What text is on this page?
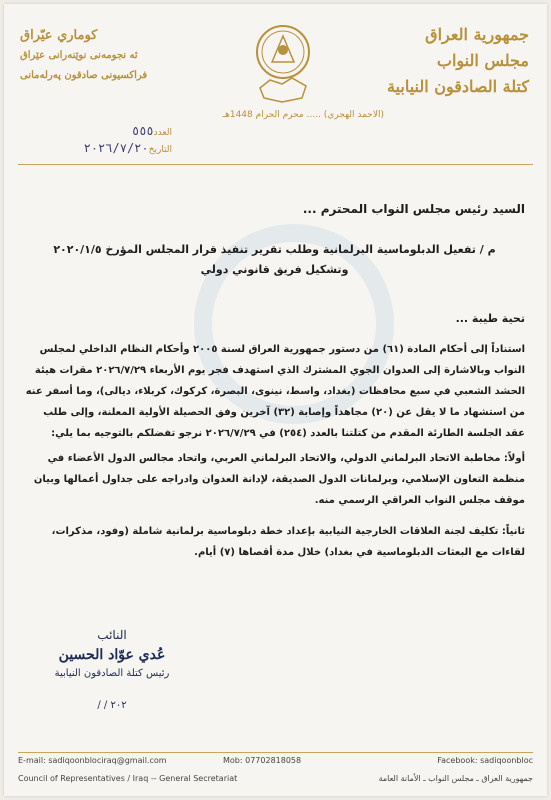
جمهورية العراق
مجلس النواب
كتلة الصادقون النيابية
كوماري عيّراق
ئه نجومه‌نى نوێنه‌رانی عێراق
فراكسيونى صادقون پەرلەمانى
(الاحمد الهجري) ..... محرم الحرام 1448هـ
العدد٥٥٥
التاريخ٢٠٢٦/٧/٢٠
السيد رئيس مجلس النواب المحترم ...
م / تفعيل الدبلوماسية البرلمانية وطلب تقرير تنفيذ قرار المجلس المؤرخ ٢٠٢٠/١/٥
وتشكيل فريق قانوني دولي
تحية طيبة ...

استناداً إلى أحكام المادة (٦١) من دستور جمهورية العراق لسنة ٢٠٠٥ وأحكام النظام الداخلي لمجلس النواب وبالاشارة إلى العدوان الجوي المشترك الذي استهدف فجر يوم الأربعاء ٢٠٢٦/٧/٢٩ مقرات هيئة الحشد الشعبي في سبع محافظات (بغداد، واسط، نينوى، البصرة، كركوك، كربلاء، ديالى)، وما أسفر عنه من استشهاد ما لا يقل عن (٢٠) مجاهداً وإصابة (٣٢) آخرين وفق الحصيلة الأولية المعلنة، وإلى طلب عقد الجلسة الطارئة المقدم من كتلتنا بالعدد (٢٥٤) في ٢٠٢٦/٧/٢٩ نرجو تفضلكم بالتوجيه بما يلي:

أولاً: مخاطبة الاتحاد البرلماني الدولي، والاتحاد البرلماني العربي، واتحاد مجالس الدول الأعضاء في منظمة التعاون الإسلامي، وبرلمانات الدول الصديقة، لإدانة العدوان وادراجه على جداول أعمالها وبيان موقف مجلس النواب العراقي الرسمي منه.
ثانياً: تكليف لجنة العلاقات الخارجية النيابية بإعداد خطة دبلوماسية برلمانية شاملة (وفود، مذكرات، لقاءات مع البعثات الدبلوماسية في بغداد) خلال مدة أقصاها (٧) أيام.
النائب
عُدي عوّاد الحسين
رئيس كتلة الصادقون النيابية
٢٠٢ / /
E-mail: sadiqoonblociraq@gmail.com	Mob: 07702818058	Facebook: sadiqoonbloc
Council of Representatives / Iraq -- General Secretariat	جمهورية العراق ـ مجلس النواب ـ الأمانة العامة
